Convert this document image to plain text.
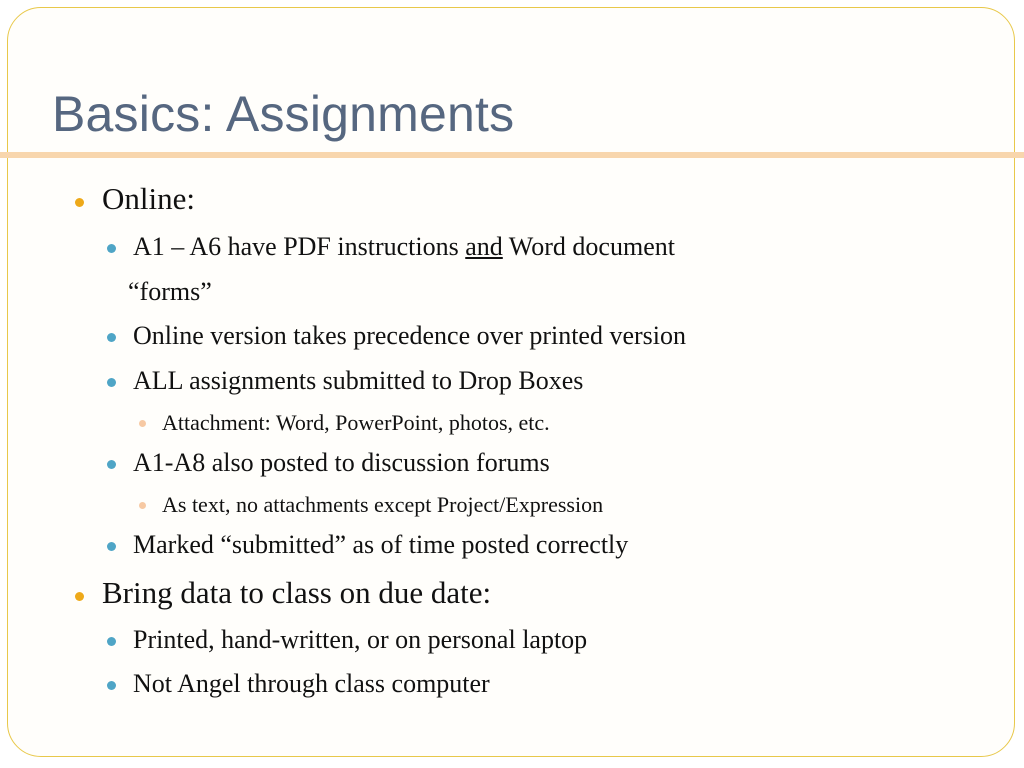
Basics: Assignments
Online:
A1 – A6 have PDF instructions and Word document
“forms”
Online version takes precedence over printed version
ALL assignments submitted to Drop Boxes
Attachment: Word, PowerPoint, photos, etc.
A1-A8 also posted to discussion forums
As text, no attachments except Project/Expression
Marked “submitted” as of time posted correctly
Bring data to class on due date:
Printed, hand-written, or on personal laptop
Not Angel through class computer
